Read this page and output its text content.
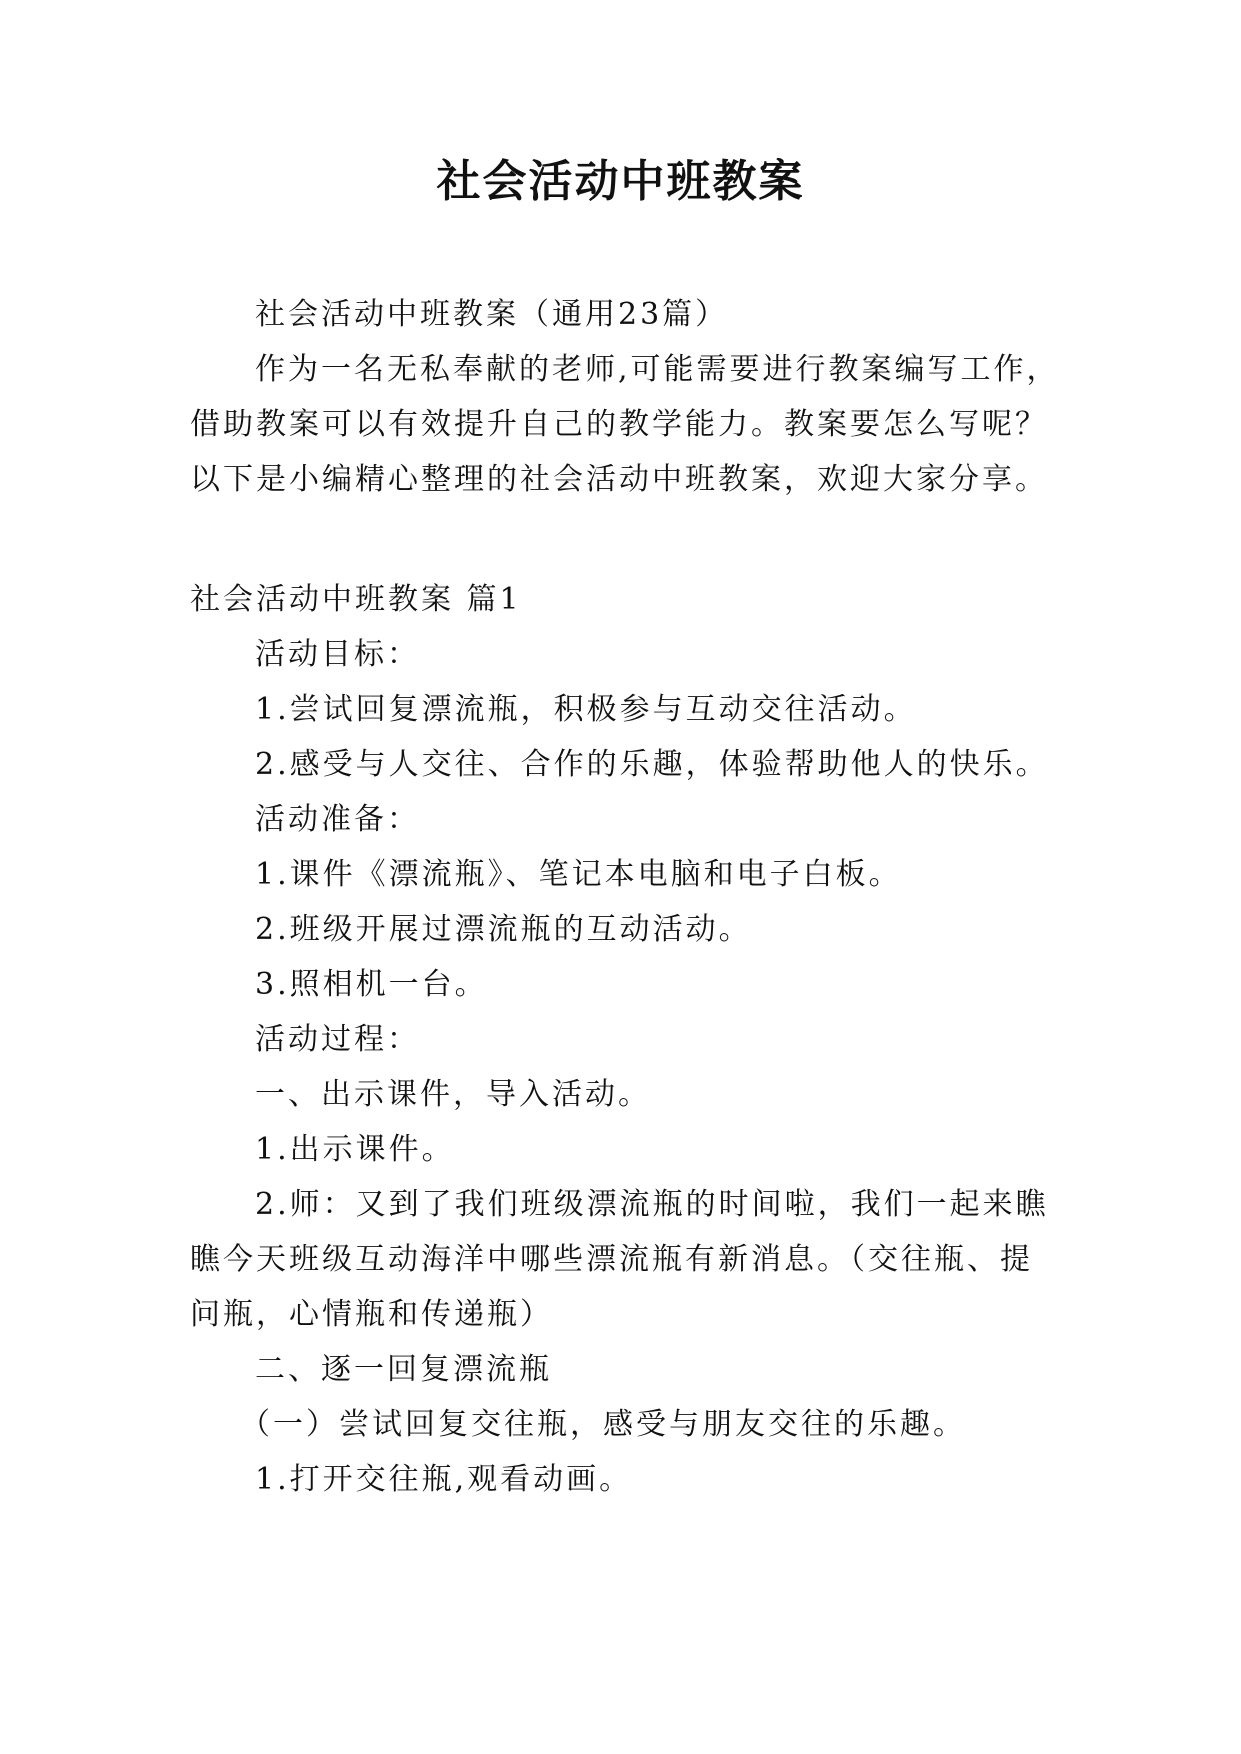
社会活动中班教案

社会活动中班教案（通用23篇）

作为一名无私奉献的老师,可能需要进行教案编写工作，

借助教案可以有效提升自己的教学能力。教案要怎么写呢？

以下是小编精心整理的社会活动中班教案，欢迎大家分享。

社会活动中班教案 篇1

活动目标：

1.尝试回复漂流瓶，积极参与互动交往活动。

2.感受与人交往、合作的乐趣，体验帮助他人的快乐。

活动准备：

1.课件《漂流瓶》、笔记本电脑和电子白板。

2.班级开展过漂流瓶的互动活动。

3.照相机一台。

活动过程：

一、出示课件，导入活动。

1.出示课件。

2.师：又到了我们班级漂流瓶的时间啦，我们一起来瞧

瞧今天班级互动海洋中哪些漂流瓶有新消息。（交往瓶、提

问瓶，心情瓶和传递瓶）

二、逐一回复漂流瓶

（一）尝试回复交往瓶，感受与朋友交往的乐趣。

1.打开交往瓶,观看动画。
